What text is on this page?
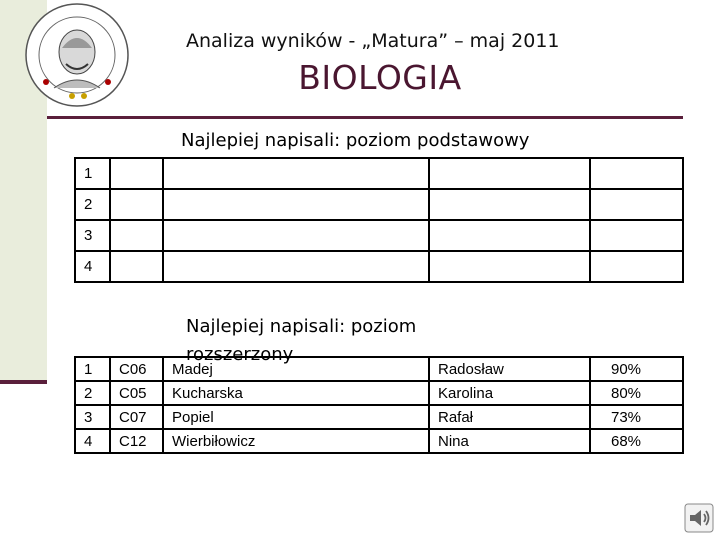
Analiza wyników - „Matura” – maj 2011
BIOLOGIA
Najlepiej napisali: poziom podstawowy
1				
2				
3				
4				
Najlepiej napisali: poziom rozszerzony
1	C06	Madej	Radosław	90%
2	C05	Kucharska	Karolina	80%
3	C07	Popiel	Rafał	73%
4	C12	Wierbiłowicz	Nina	68%
